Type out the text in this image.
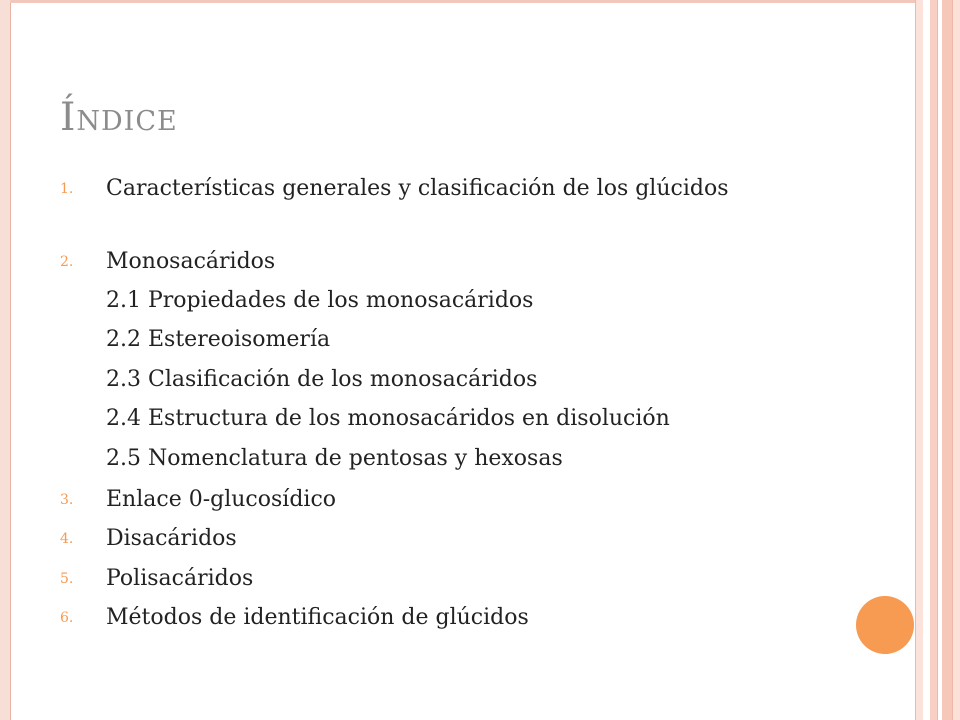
Índice
1. Características generales y clasificación de los glúcidos
2. Monosacáridos
2.1 Propiedades de los monosacáridos
2.2 Estereoisomería
2.3 Clasificación de los monosacáridos
2.4 Estructura de los monosacáridos en disolución
2.5 Nomenclatura de pentosas y hexosas
3. Enlace 0-glucosídico
4. Disacáridos
5. Polisacáridos
6. Métodos de identificación de glúcidos
